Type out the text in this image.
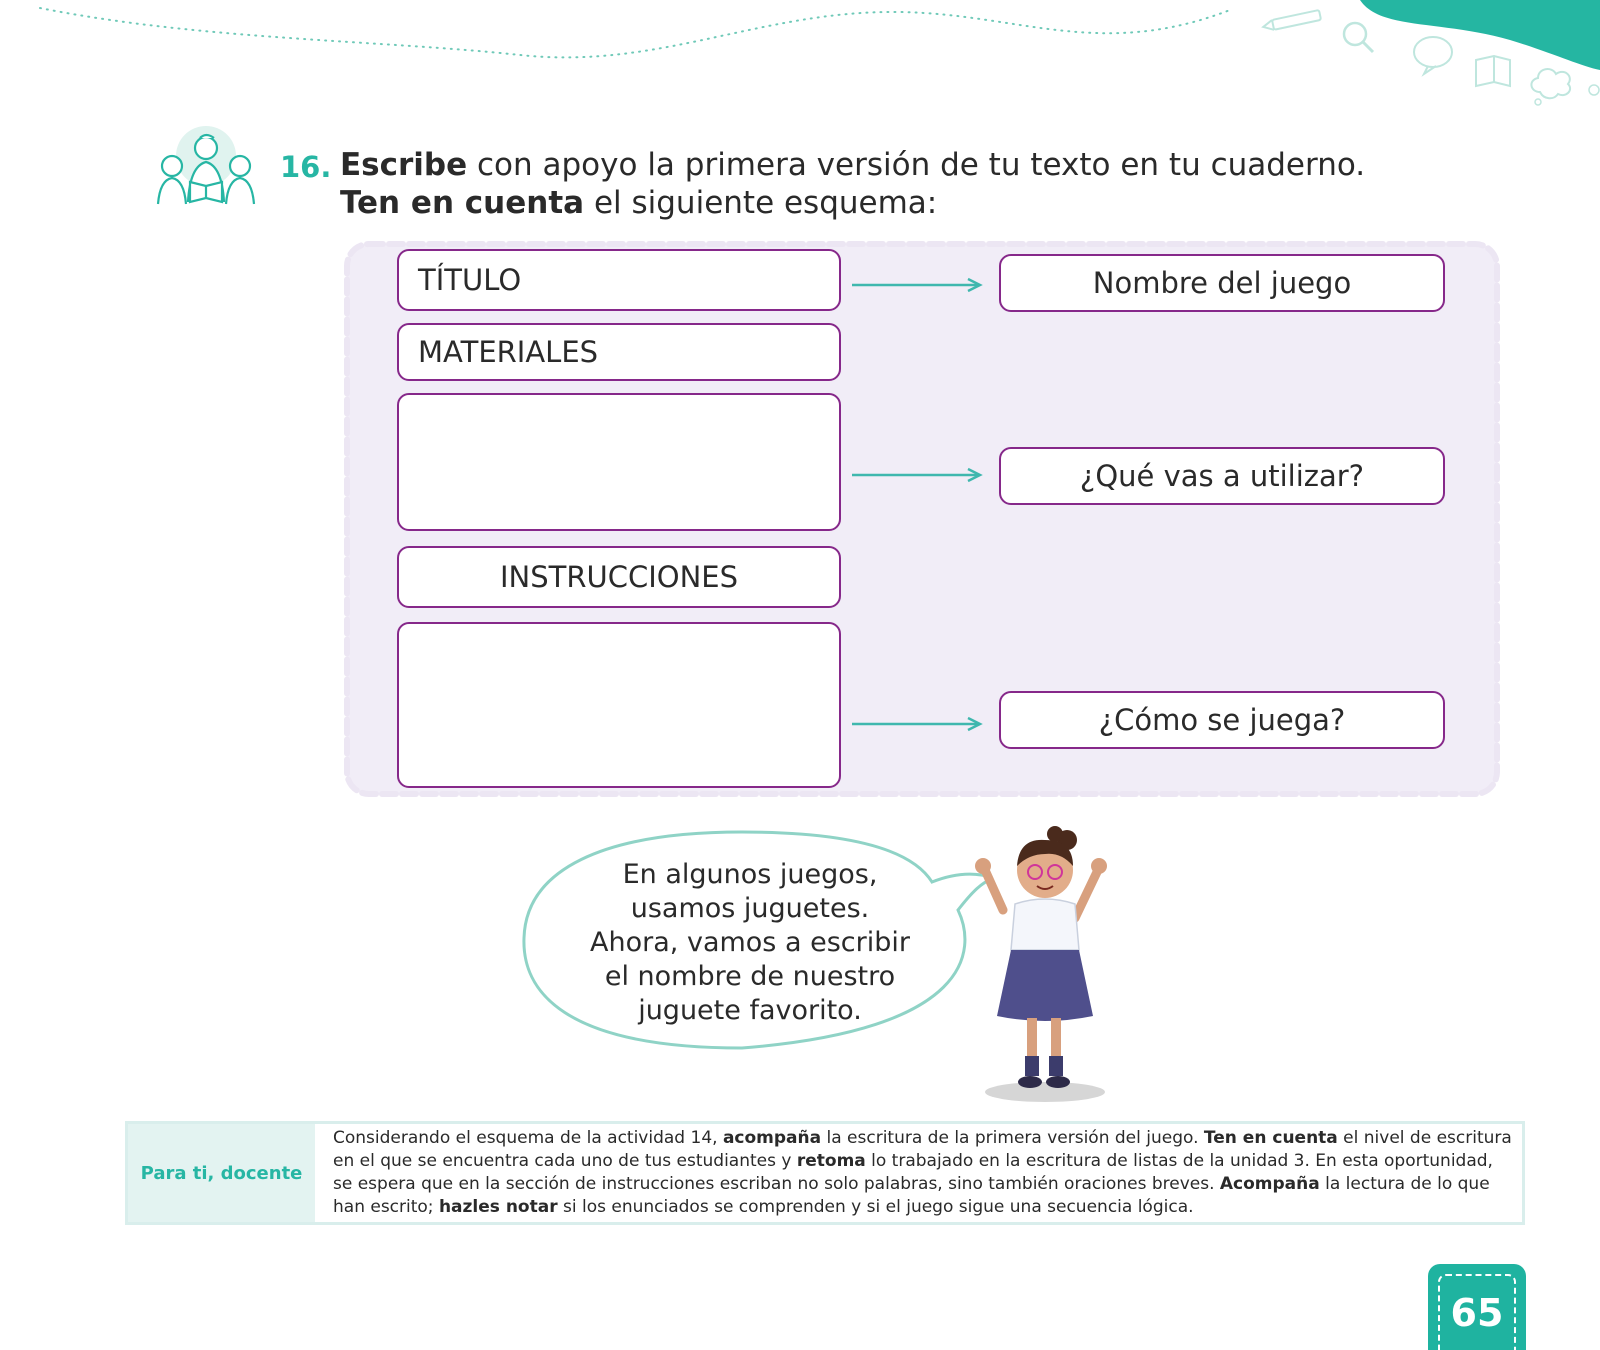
16. Escribe con apoyo la primera versión de tu texto en tu cuaderno. Ten en cuenta el siguiente esquema:
TÍTULO
MATERIALES
INSTRUCCIONES
Nombre del juego
¿Qué vas a utilizar?
¿Cómo se juega?
En algunos juegos,
usamos juguetes.
Ahora, vamos a escribir
el nombre de nuestro
juguete favorito.
Para ti, docente
Considerando el esquema de la actividad 14, acompaña la escritura de la primera versión del juego. Ten en cuenta el nivel de escritura en el que se encuentra cada uno de tus estudiantes y retoma lo trabajado en la escritura de listas de la unidad 3. En esta oportunidad, se espera que en la sección de instrucciones escriban no solo palabras, sino también oraciones breves. Acompaña la lectura de lo que han escrito; hazles notar si los enunciados se comprenden y si el juego sigue una secuencia lógica.
65
